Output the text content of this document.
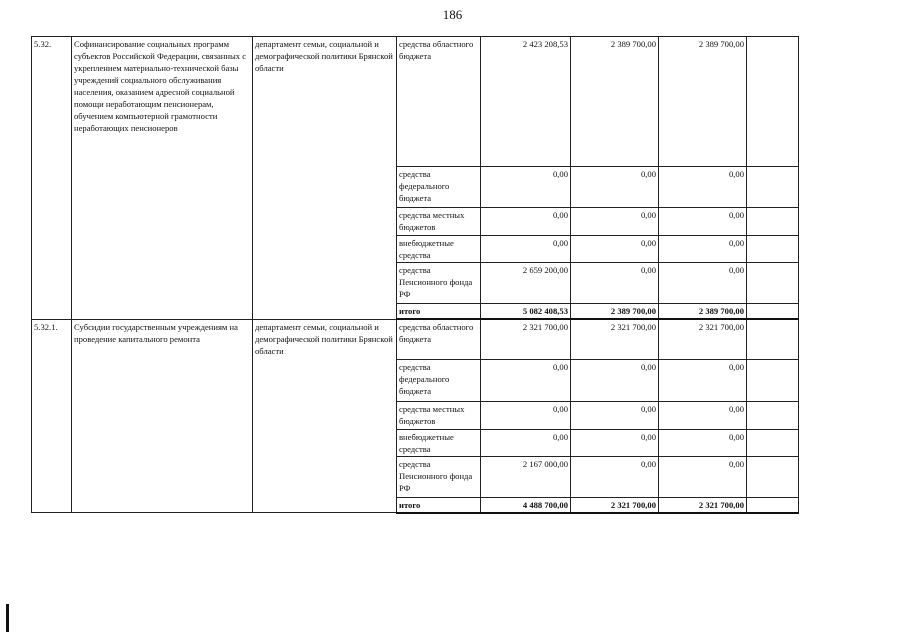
186
5.32.	Софинансирование социальных программ субъектов Российской Федерации, связанных с укреплением материально-технической базы учреждений социального обслуживания населения, оказанием адресной социальной помощи неработающим пенсионерам, обучением компьютерной грамотности неработающих пенсионеров	департамент семьи, социальной и демографической политики Брянской области	средства областного бюджета	2 423 208,53	2 389 700,00	2 389 700,00	
			средства федерального бюджета	0,00	0,00	0,00	
			средства местных бюджетов	0,00	0,00	0,00	
			внебюджетные средства	0,00	0,00	0,00	
			средства Пенсионного фонда РФ	2 659 200,00	0,00	0,00	
			итого	5 082 408,53	2 389 700,00	2 389 700,00	
5.32.1.	Субсидии государственным учреждениям на проведение капитального ремонта	департамент семьи, социальной и демографической политики Брянской области	средства областного бюджета	2 321 700,00	2 321 700,00	2 321 700,00	
			средства федерального бюджета	0,00	0,00	0,00	
			средства местных бюджетов	0,00	0,00	0,00	
			внебюджетные средства	0,00	0,00	0,00	
			средства Пенсионного фонда РФ	2 167 000,00	0,00	0,00	
			итого	4 488 700,00	2 321 700,00	2 321 700,00	
